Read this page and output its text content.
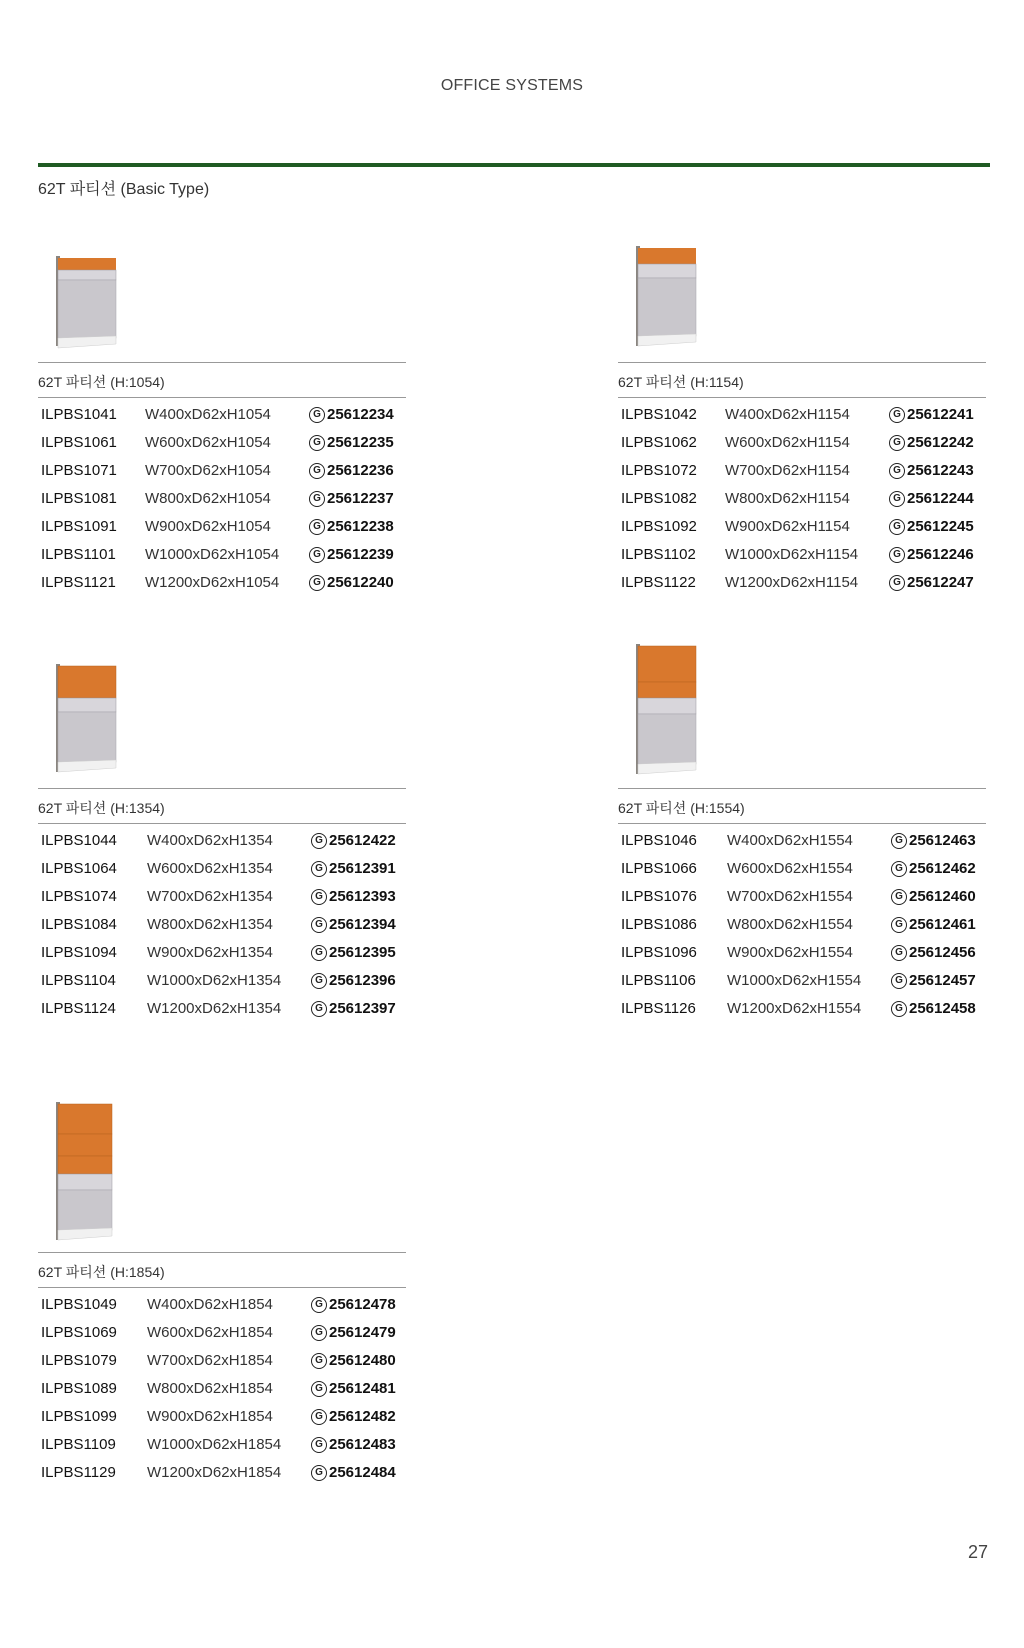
OFFICE SYSTEMS
62T 파티션 (Basic Type)
62T 파티션 (H:1054)
ILPBS1041 W400xD62xH1054	G 25612234
ILPBS1061 W600xD62xH1054	G 25612235
ILPBS1071 W700xD62xH1054	G 25612236
ILPBS1081 W800xD62xH1054	G 25612237
ILPBS1091 W900xD62xH1054	G 25612238
ILPBS1101 W1000xD62xH1054	G 25612239
ILPBS1121 W1200xD62xH1054	G 25612240
62T 파티션 (H:1154)
ILPBS1042 W400xD62xH1154	G 25612241
ILPBS1062 W600xD62xH1154	G 25612242
ILPBS1072 W700xD62xH1154	G 25612243
ILPBS1082 W800xD62xH1154	G 25612244
ILPBS1092 W900xD62xH1154	G 25612245
ILPBS1102 W1000xD62xH1154	G 25612246
ILPBS1122 W1200xD62xH1154	G 25612247
62T 파티션 (H:1354)
ILPBS1044 W400xD62xH1354	G 25612422
ILPBS1064 W600xD62xH1354	G 25612391
ILPBS1074 W700xD62xH1354	G 25612393
ILPBS1084 W800xD62xH1354	G 25612394
ILPBS1094 W900xD62xH1354	G 25612395
ILPBS1104 W1000xD62xH1354	G 25612396
ILPBS1124 W1200xD62xH1354	G 25612397
62T 파티션 (H:1554)
ILPBS1046 W400xD62xH1554	G 25612463
ILPBS1066 W600xD62xH1554	G 25612462
ILPBS1076 W700xD62xH1554	G 25612460
ILPBS1086 W800xD62xH1554	G 25612461
ILPBS1096 W900xD62xH1554	G 25612456
ILPBS1106 W1000xD62xH1554	G 25612457
ILPBS1126 W1200xD62xH1554	G 25612458
62T 파티션 (H:1854)
ILPBS1049 W400xD62xH1854	G 25612478
ILPBS1069 W600xD62xH1854	G 25612479
ILPBS1079 W700xD62xH1854	G 25612480
ILPBS1089 W800xD62xH1854	G 25612481
ILPBS1099 W900xD62xH1854	G 25612482
ILPBS1109 W1000xD62xH1854	G 25612483
ILPBS1129 W1200xD62xH1854	G 25612484
27
